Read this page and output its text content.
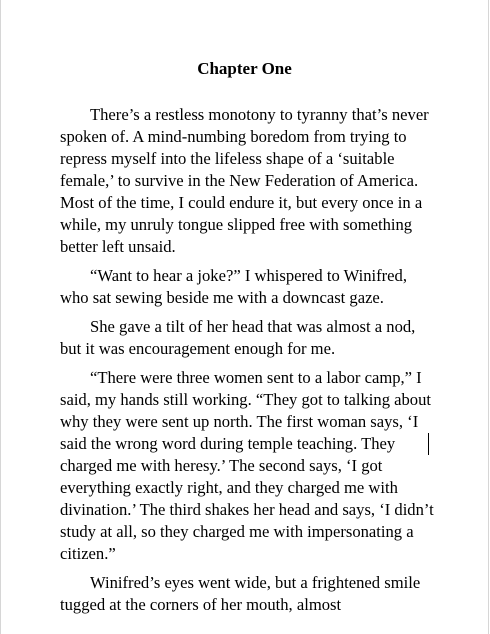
Chapter One

There’s a restless monotony to tyranny that’s never spoken of. A mind-numbing boredom from trying to repress myself into the lifeless shape of a ‘suitable female,’ to survive in the New Federation of America. Most of the time, I could endure it, but every once in a while, my unruly tongue slipped free with something better left unsaid.

“Want to hear a joke?” I whispered to Winifred, who sat sewing beside me with a downcast gaze.

She gave a tilt of her head that was almost a nod, but it was encouragement enough for me.

“There were three women sent to a labor camp,” I said, my hands still working. “They got to talking about why they were sent up north. The first woman says, ‘I said the wrong word during temple teaching. They charged me with heresy.’ The second says, ‘I got everything exactly right, and they charged me with divination.’ The third shakes her head and says, ‘I didn’t study at all, so they charged me with impersonating a citizen.”

Winifred’s eyes went wide, but a frightened smile tugged at the corners of her mouth, almost
